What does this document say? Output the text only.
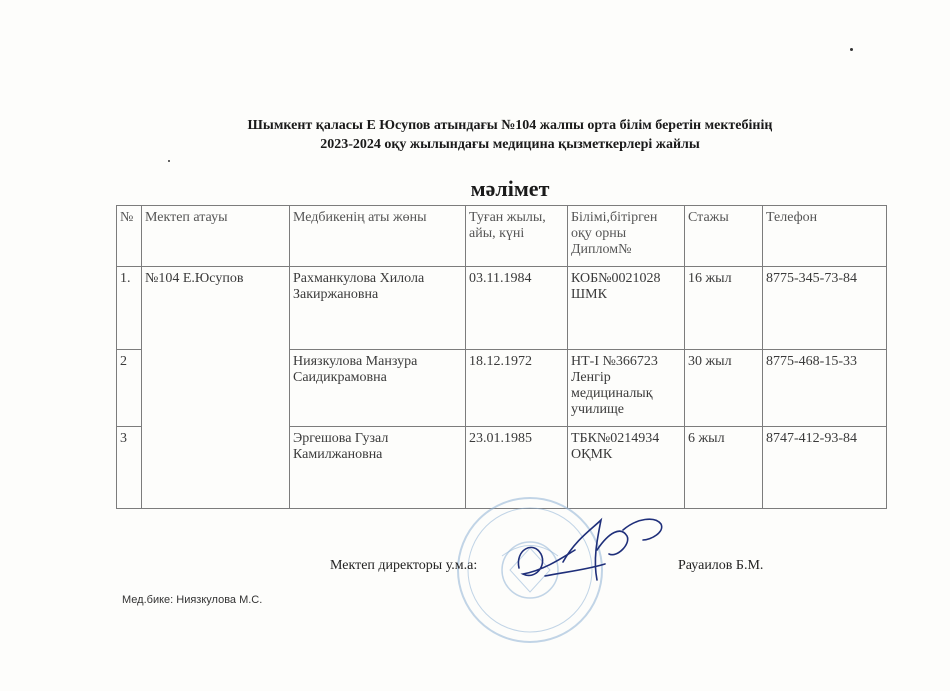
Шымкент қаласы Е Юсупов атындағы №104 жалпы орта білім беретін мектебінің
2023-2024 оқу жылындағы медицина қызметкерлері жайлы
мәлімет
№	Мектеп атауы	Медбикенің аты жөны	Туған жылы, айы, күні	Білімі,бітірген оқу орны Диплом№	Стажы	Телефон
1.	№104 Е.Юсупов	Рахманкулова Хилола Закиржановна	03.11.1984	КОБ№0021028 ШМК	16 жыл	8775-345-73-84
2		Ниязкулова Манзура Саидикрамовна	18.12.1972	НТ-I №366723 Ленгір медициналық училище	30 жыл	8775-468-15-33
3		Эргешова Гузал Камилжановна	23.01.1985	ТБК№0214934 ОҚМК	6 жыл	8747-412-93-84
Мектеп директоры у.м.а:	Рауаилов Б.М.
Мед.бике: Ниязкулова М.С.
